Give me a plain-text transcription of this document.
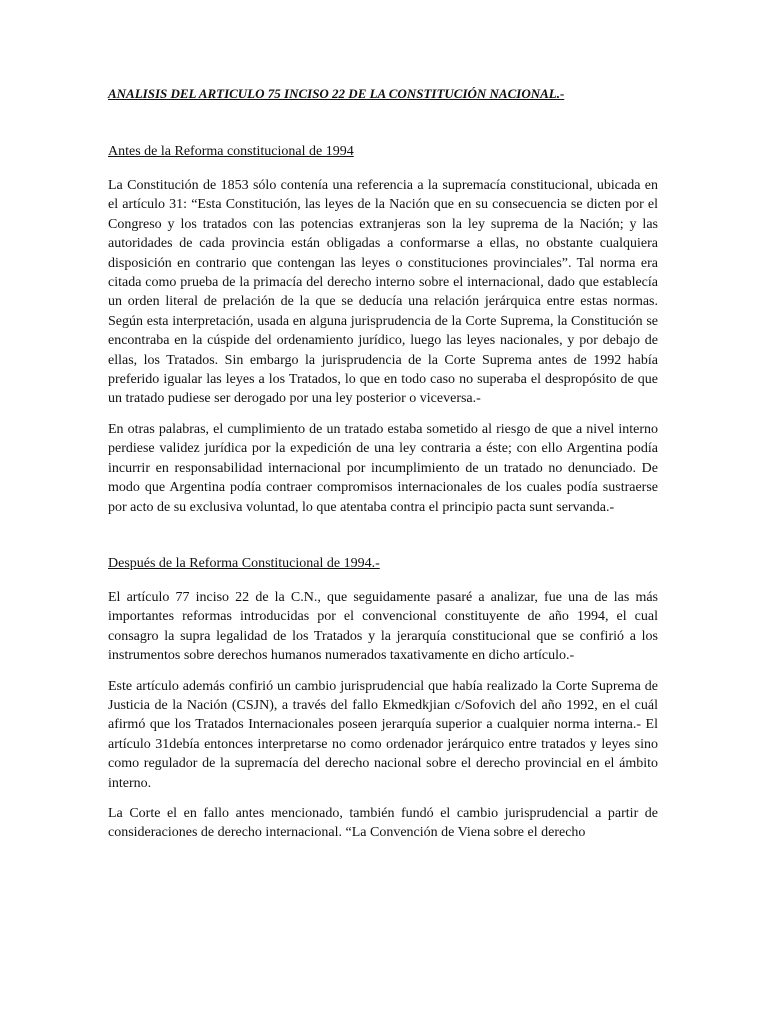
ANALISIS DEL ARTICULO 75 INCISO 22 DE LA CONSTITUCIÓN NACIONAL.-
Antes de la Reforma constitucional de 1994

La Constitución de 1853 sólo contenía una referencia a la supremacía constitucional, ubicada en el artículo 31: “Esta Constitución, las leyes de la Nación que en su consecuencia se dicten por el Congreso y los tratados con las potencias extranjeras son la ley suprema de la Nación; y las autoridades de cada provincia están obligadas a conformarse a ellas, no obstante cualquiera disposición en contrario que contengan las leyes o constituciones provinciales”. Tal norma era citada como prueba de la primacía del derecho interno sobre el internacional, dado que establecía un orden literal de prelación de la que se deducía una relación jerárquica entre estas normas. Según esta interpretación, usada en alguna jurisprudencia de la Corte Suprema, la Constitución se encontraba en la cúspide del ordenamiento jurídico, luego las leyes nacionales, y por debajo de ellas, los Tratados. Sin embargo la jurisprudencia de la Corte Suprema antes de 1992 había preferido igualar las leyes a los Tratados, lo que en todo caso no superaba el despropósito de que un tratado pudiese ser derogado por una ley posterior o viceversa.-

En otras palabras, el cumplimiento de un tratado estaba sometido al riesgo de que a nivel interno perdiese validez jurídica por la expedición de una ley contraria a éste; con ello Argentina podía incurrir en responsabilidad internacional por incumplimiento de un tratado no denunciado. De modo que Argentina podía contraer compromisos internacionales de los cuales podía sustraerse por acto de su exclusiva voluntad, lo que atentaba contra el principio pacta sunt servanda.-

Después de la Reforma Constitucional de 1994.-

El artículo 77 inciso 22 de la C.N., que seguidamente pasaré a analizar, fue una de las más importantes reformas introducidas por el convencional constituyente de año 1994, el cual consagro la supra legalidad de los Tratados y la jerarquía constitucional que se confirió a los instrumentos sobre derechos humanos numerados taxativamente en dicho artículo.-

Este artículo además confirió un cambio jurisprudencial que había realizado la Corte Suprema de Justicia de la Nación (CSJN), a través del fallo Ekmedkjian c/Sofovich del año 1992, en el cuál afirmó que los Tratados Internacionales poseen jerarquía superior a cualquier norma interna.- El artículo 31debía entonces interpretarse no como ordenador jerárquico entre tratados y leyes sino como regulador de la supremacía del derecho nacional sobre el derecho provincial en el ámbito interno.

La Corte el en fallo antes mencionado, también fundó el cambio jurisprudencial a partir de consideraciones de derecho internacional. “La Convención de Viena sobre el derecho
